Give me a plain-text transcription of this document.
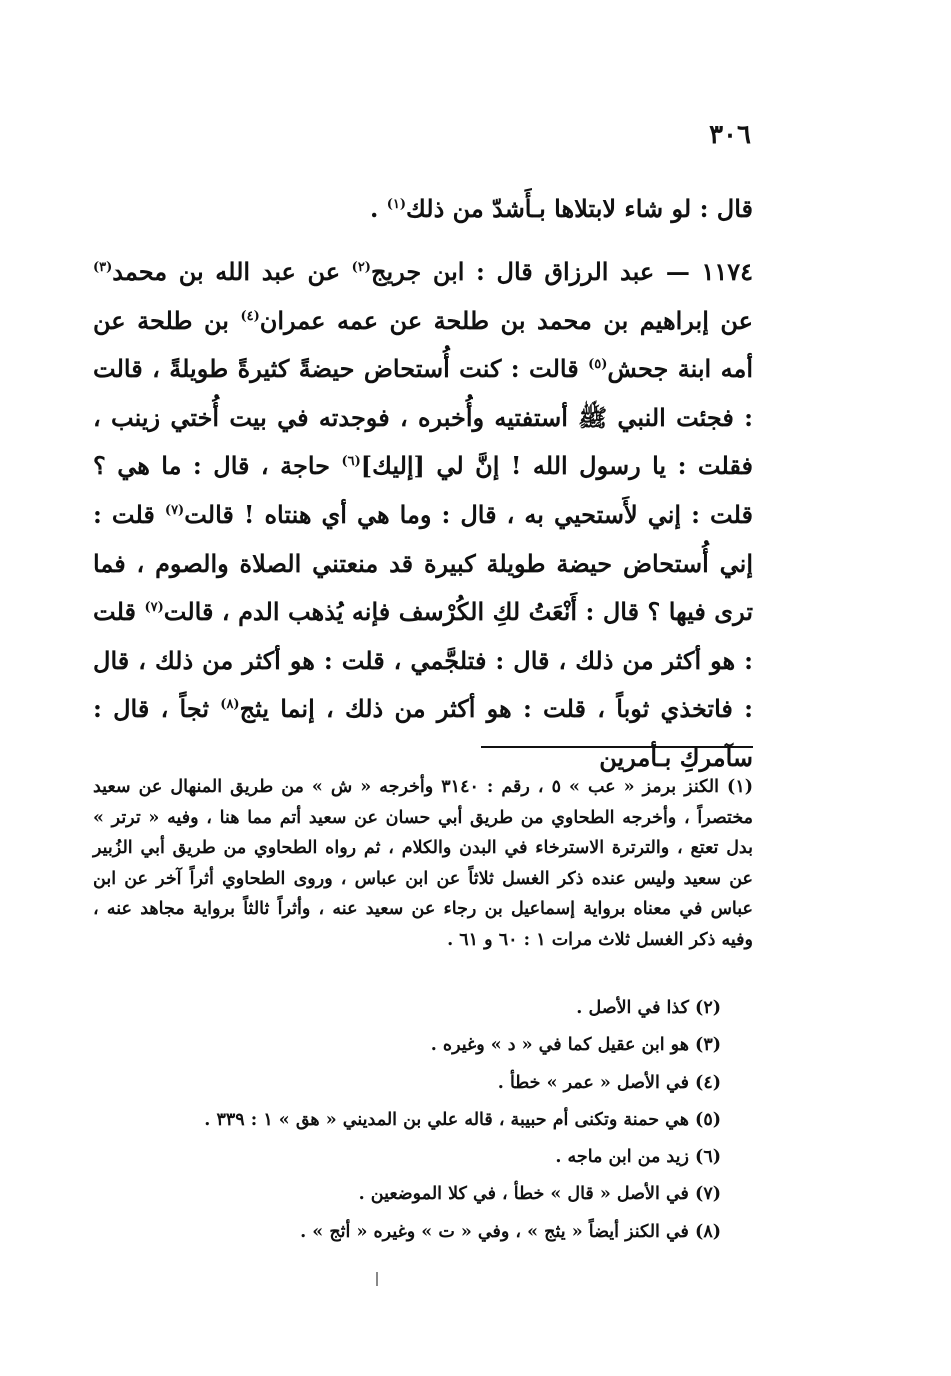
٣٠٦
قال : لو شاء لابتلاها بـأَشدّ من ذلك$^{(١)}$ .
١١٧٤ — عبد الرزاق قال : ابن جريج$^{(٢)}$ عن عبد الله بن محمد$^{(٣)}$ عن إبراهيم بن محمد بن طلحة عن عمه عمران$^{(٤)}$ بن طلحة عن أمه ابنة جحش$^{(٥)}$ قالت : كنت أُستحاض حيضةً كثيرةً طويلةً ، قالت : فجئت النبي ﷺ أستفتيه وأُخبره ، فوجدته في بيت أُختي زينب ، فقلت : يا رسول الله ! إنَّ لي [إليك]$^{(٦)}$ حاجة ، قال : ما هي ؟ قلت : إني لأَستحيي به ، قال : وما هي أي هنتاه ! قالت$^{(٧)}$ قلت : إني أُستحاض حيضة طويلة كبيرة قد منعتني الصلاة والصوم ، فما ترى فيها ؟ قال : أَنْعَتُ لكِ الكُرْسف فإنه يُذهب الدم ، قالت$^{(٧)}$ قلت : هو أكثر من ذلك ، قال : فتلجَّمي ، قلت : هو أكثر من ذلك ، قال : فاتخذي ثوباً ، قلت : هو أكثر من ذلك ، إنما يثج$^{(٨)}$ ثجاً ، قال : سآمركِ بـأمرين
(١) الكنز برمز « عب » ٥ ، رقم : ٣١٤٠ وأخرجه « ش » من طريق المنهال عن سعيد مختصراً ، وأخرجه الطحاوي من طريق أبي حسان عن سعيد أتم مما هنا ، وفيه « ترتر » بدل تعتع ، والترترة الاسترخاء في البدن والكلام ، ثم رواه الطحاوي من طريق أبي الزُبير عن سعيد وليس عنده ذكر الغسل ثلاثاً عن ابن عباس ، وروى الطحاوي أثراً آخر عن ابن عباس في معناه برواية إسماعيل بن رجاء عن سعيد عنه ، وأثراً ثالثاً برواية مجاهد عنه ، وفيه ذكر الغسل ثلاث مرات ١ : ٦٠ و ٦١ .
(٢) كذا في الأصل .
(٣) هو ابن عقيل كما في « د » وغيره .
(٤) في الأصل « عمر » خطأ .
(٥) هي حمنة وتكنى أم حبيبة ، قاله علي بن المديني « هق » ١ : ٣٣٩ .
(٦) زيد من ابن ماجه .
(٧) في الأصل « قال » خطأ ، في كلا الموضعين .
(٨) في الكنز أيضاً « يثج » ، وفي « ت » وغيره « أثج » .
